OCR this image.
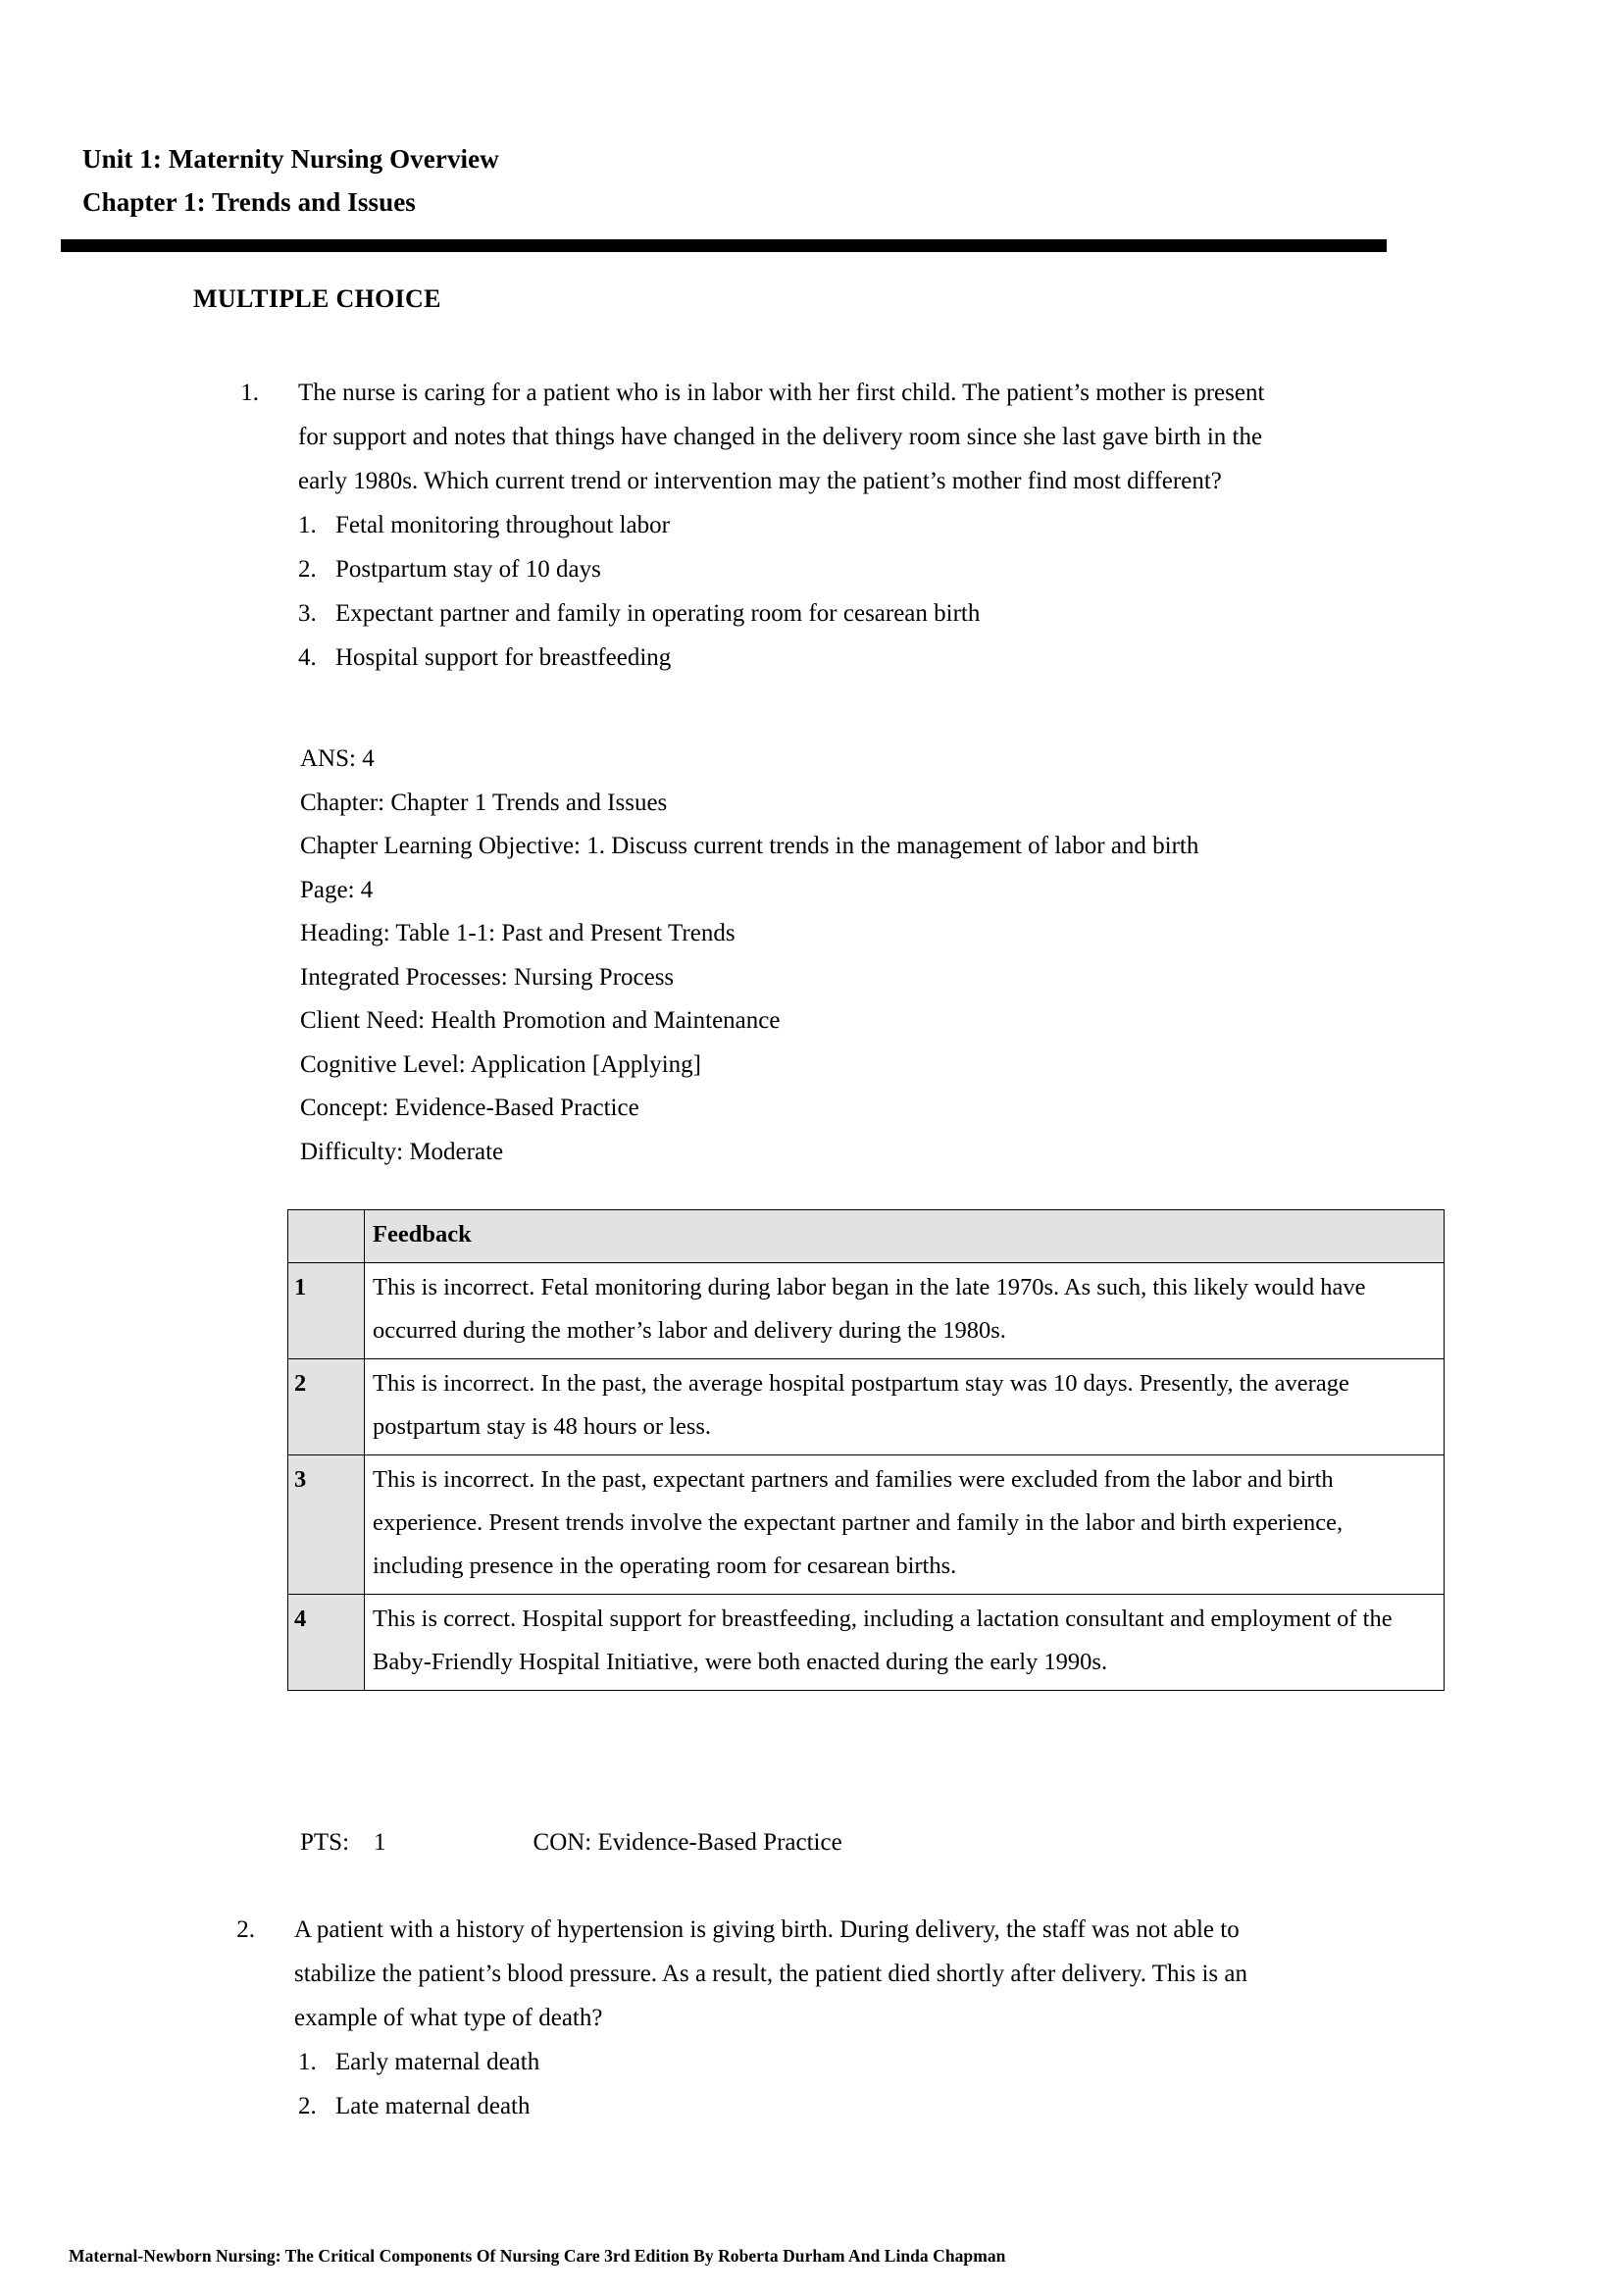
Unit 1: Maternity Nursing Overview
Chapter 1: Trends and Issues
MULTIPLE CHOICE
1. The nurse is caring for a patient who is in labor with her first child. The patient’s mother is present for support and notes that things have changed in the delivery room since she last gave birth in the early 1980s. Which current trend or intervention may the patient’s mother find most different?
1. Fetal monitoring throughout labor
2. Postpartum stay of 10 days
3. Expectant partner and family in operating room for cesarean birth
4. Hospital support for breastfeeding
ANS: 4
Chapter: Chapter 1 Trends and Issues
Chapter Learning Objective: 1. Discuss current trends in the management of labor and birth
Page: 4
Heading: Table 1-1: Past and Present Trends
Integrated Processes: Nursing Process
Client Need: Health Promotion and Maintenance
Cognitive Level: Application [Applying]
Concept: Evidence-Based Practice
Difficulty: Moderate
	Feedback
1	This is incorrect. Fetal monitoring during labor began in the late 1970s. As such, this likely would have occurred during the mother’s labor and delivery during the 1980s.
2	This is incorrect. In the past, the average hospital postpartum stay was 10 days. Presently, the average postpartum stay is 48 hours or less.
3	This is incorrect. In the past, expectant partners and families were excluded from the labor and birth experience. Present trends involve the expectant partner and family in the labor and birth experience, including presence in the operating room for cesarean births.
4	This is correct. Hospital support for breastfeeding, including a lactation consultant and employment of the Baby-Friendly Hospital Initiative, were both enacted during the early 1990s.
PTS:    1                        CON: Evidence-Based Practice
2. A patient with a history of hypertension is giving birth. During delivery, the staff was not able to stabilize the patient’s blood pressure. As a result, the patient died shortly after delivery. This is an example of what type of death?
1. Early maternal death
2. Late maternal death
Maternal-Newborn Nursing: The Critical Components Of Nursing Care 3rd Edition By Roberta Durham And Linda Chapman
